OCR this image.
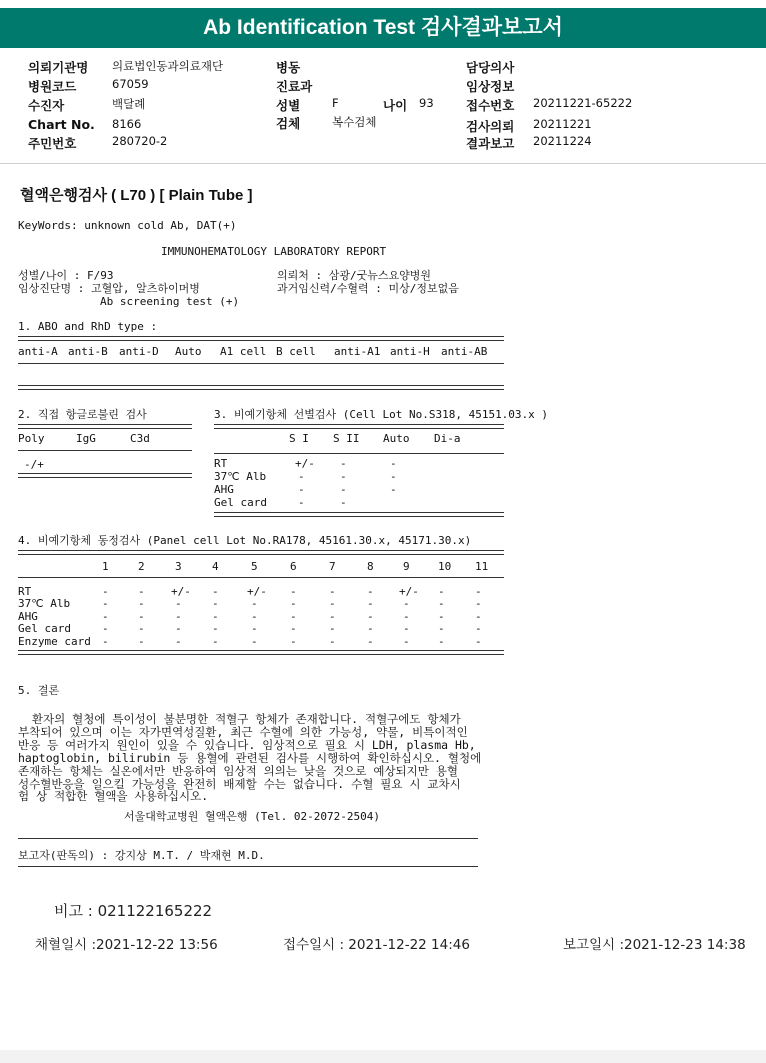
Ab Identification Test 검사결과보고서
의뢰기관명 의료법인동과의료재단
병원코드	67059
수진자	백달례
Chart No. 8166
주민번호	280720-2
병동
진료과
성별	F	나이 93
검체	복수검체
담당의사
임상정보
접수번호 20211221-65222
검사의뢰 20211221
결과보고 20211224
혈액은행검사 ( L70 ) [ Plain Tube ]
KeyWords: unknown cold Ab, DAT(+)
IMMUNOHEMATOLOGY LABORATORY REPORT
성별/나이 : F/93
임상진단명 : 고혈압, 알츠하이머병
Ab screening test (+)
의뢰처 : 삼광/굿뉴스요양병원
과거임신력/수혈력 : 미상/정보없음
1. ABO and RhD type :
anti-A anti-B anti-D Auto A1 cell B cell anti-A1 anti-H anti-AB
2. 직접 항글로불린 검사
Poly	IgG	C3d
-/+
3. 비예기항체 선별검사 (Cell Lot No.S318, 45151.03.x )
S I S II Auto Di-a
RT	+/- -	-
37℃ Alb	-	-	-
AHG	-	-	-
Gel card	-	-
4. 비예기항체 동정검사 (Panel cell Lot No.RA178, 45161.30.x, 45171.30.x)
1	2	3	4	5	6	7	8	9	10 11
RT	-	- +/- -	+/- -	-	- +/- -	-
37℃ Alb	-	-	-	-	-	-	-	-	-	-	-
AHG	-	-	-	-	-	-	-	-	-	-	-
Gel card	-	-	-	-	-	-	-	-	-	-	-
Enzyme card -	-	-	-	-	-	-	-	-	-	-
5. 결론
환자의 혈청에 특이성이 불분명한 적혈구 항체가 존재합니다. 적혈구에도 항체가
부착되어 있으며 이는 자가면역성질환, 최근 수혈에 의한 가능성, 약물, 비특이적인
반응 등 여러가지 원인이 있을 수 있습니다. 임상적으로 필요 시 LDH, plasma Hb,
haptoglobin, bilirubin 등 용혈에 관련된 검사를 시행하여 확인하십시오. 혈청에
존재하는 항체는 실온에서만 반응하여 임상적 의의는 낮을 것으로 예상되지만 용혈
성수혈반응을 일으킬 가능성을 완전히 배제할 수는 없습니다. 수혈 필요 시 교차시
험 상 적합한 혈액을 사용하십시오.
서울대학교병원 혈액은행 (Tel. 02-2072-2504)
보고자(판독의) : 강지상 M.T. / 박재현 M.D.
비고 : 021122165222
채혈일시 :2021-12-22 13:56	접수일시 : 2021-12-22 14:46	보고일시 :2021-12-23 14:38
